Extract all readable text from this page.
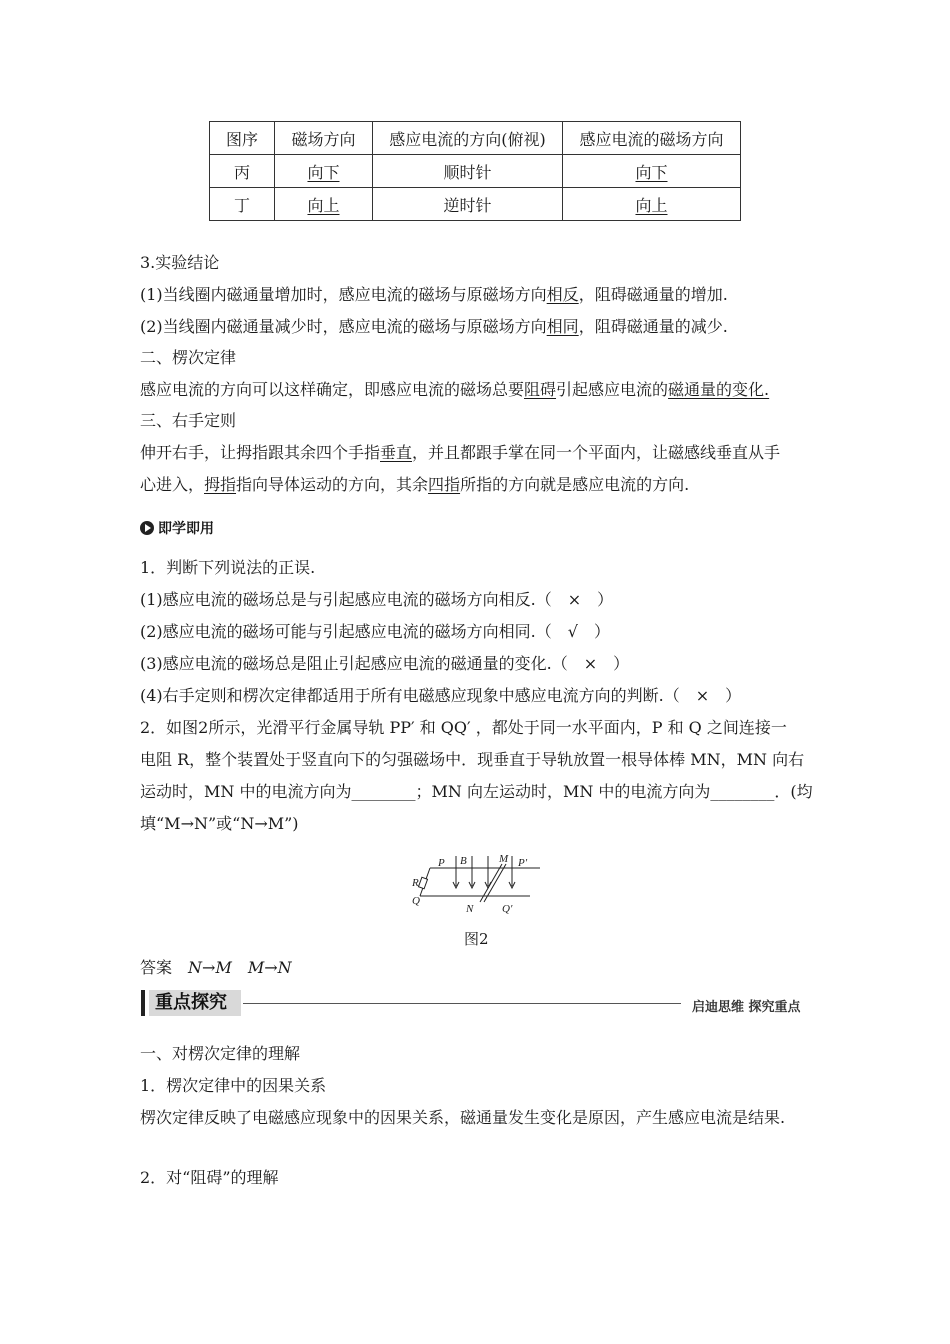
图序	磁场方向	感应电流的方向(俯视)	感应电流的磁场方向
丙	向下	顺时针	向下
丁	向上	逆时针	向上
3.实验结论
(1)当线圈内磁通量增加时，感应电流的磁场与原磁场方向相反，阻碍磁通量的增加.
(2)当线圈内磁通量减少时，感应电流的磁场与原磁场方向相同，阻碍磁通量的减少.
二、楞次定律
感应电流的方向可以这样确定，即感应电流的磁场总要阻碍引起感应电流的磁通量的变化.
三、右手定则
伸开右手，让拇指跟其余四个手指垂直，并且都跟手掌在同一个平面内，让磁感线垂直从手
心进入，拇指指向导体运动的方向，其余四指所指的方向就是感应电流的方向.
即学即用
1．判断下列说法的正误.
(1)感应电流的磁场总是与引起感应电流的磁场方向相反.（　×　）
(2)感应电流的磁场可能与引起感应电流的磁场方向相同.（　√　）
(3)感应电流的磁场总是阻止引起感应电流的磁通量的变化.（　×　）
(4)右手定则和楞次定律都适用于所有电磁感应现象中感应电流方向的判断.（　×　）
2．如图2所示，光滑平行金属导轨 PP′ 和 QQ′ ，都处于同一水平面内，P 和 Q 之间连接一
电阻 R，整个装置处于竖直向下的匀强磁场中．现垂直于导轨放置一根导体棒 MN，MN 向右
运动时，MN 中的电流方向为________；MN 向左运动时，MN 中的电流方向为________．(均
填“M→N”或“N→M”)
P B	M P′
R
Q
N	Q′
图2
答案　 N→M　 M→N
重点探究	启迪思维 探究重点
一、对楞次定律的理解
1．楞次定律中的因果关系
楞次定律反映了电磁感应现象中的因果关系，磁通量发生变化是原因，产生感应电流是结果.
2．对“阻碍”的理解
